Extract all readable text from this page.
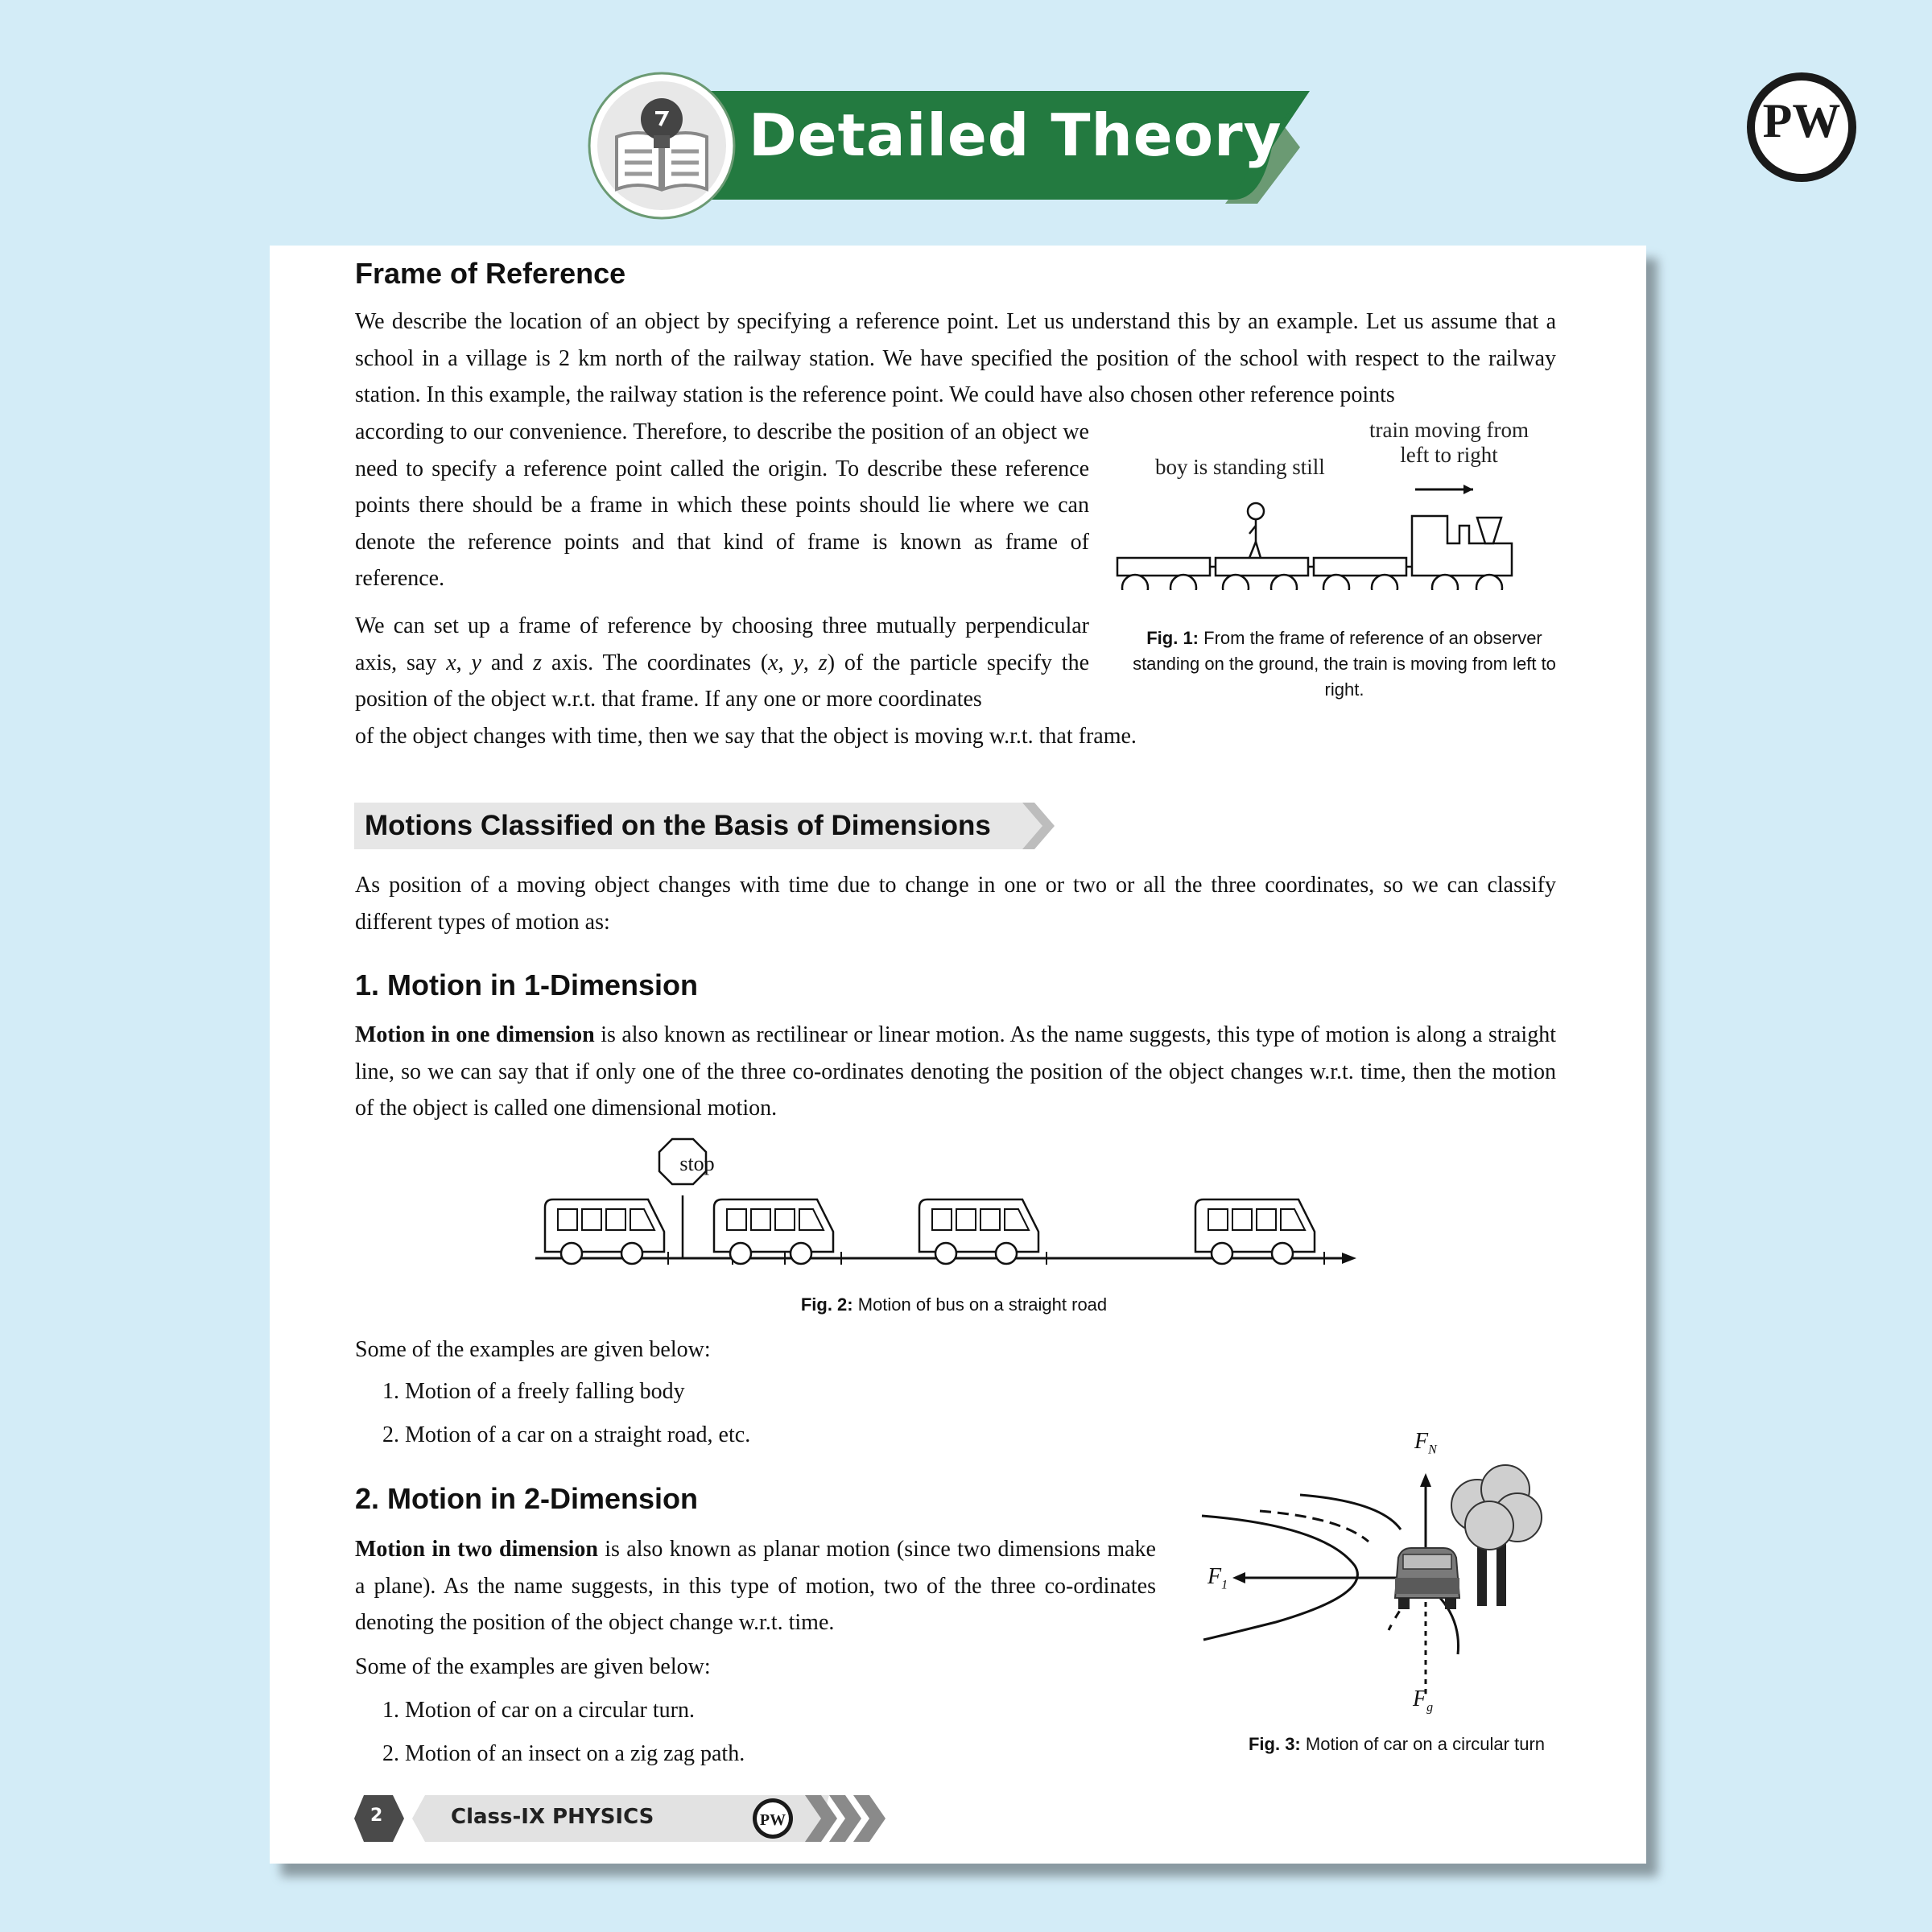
Detailed Theory	PW
Frame of Reference

We describe the location of an object by specifying a reference point. Let us understand this by an example. Let us assume that a school in a village is 2 km north of the railway station. We have specified the position of the school with respect to the railway station. In this example, the railway station is the reference point. We could have also chosen other reference points

according to our convenience. Therefore, to describe the position of an object we need to specify a reference point called the origin. To describe these reference points there should be a frame in which these points should lie where we can denote the reference points and that kind of frame is known as frame of reference.

We can set up a frame of reference by choosing three mutually perpendicular axis, say x, y and z axis. The coordinates (x, y, z) of the particle specify the position of the object w.r.t. that frame. If any one or more coordinates

of the object changes with time, then we say that the object is moving w.r.t. that frame.

train moving from
left to right
boy is standing still
Fig. 1: From the frame of reference of an observer standing on the ground, the train is moving from left to right.
Motions Classified on the Basis of Dimensions

As position of a moving object changes with time due to change in one or two or all the three coordinates, so we can classify different types of motion as:

1. Motion in 1-Dimension

Motion in one dimension is also known as rectilinear or linear motion. As the name suggests, this type of motion is along a straight line, so we can say that if only one of the three co-ordinates denoting the position of the object changes w.r.t. time, then the motion of the object is called one dimensional motion.

stop
Fig. 2: Motion of bus on a straight road
Some of the examples are given below:
1. Motion of a freely falling body
2. Motion of a car on a straight road, etc.
2. Motion in 2-Dimension

Motion in two dimension is also known as planar motion (since two dimensions make a plane). As the name suggests, in this type of motion, two of the three co-ordinates denoting the position of the object change w.r.t. time.

Some of the examples are given below:
1. Motion of car on a circular turn.
2. Motion of an insect on a zig zag path.
$F_N$
$F_1$
$F_g$
Fig. 3: Motion of car on a circular turn
PW
2	Class-IX PHYSICS
